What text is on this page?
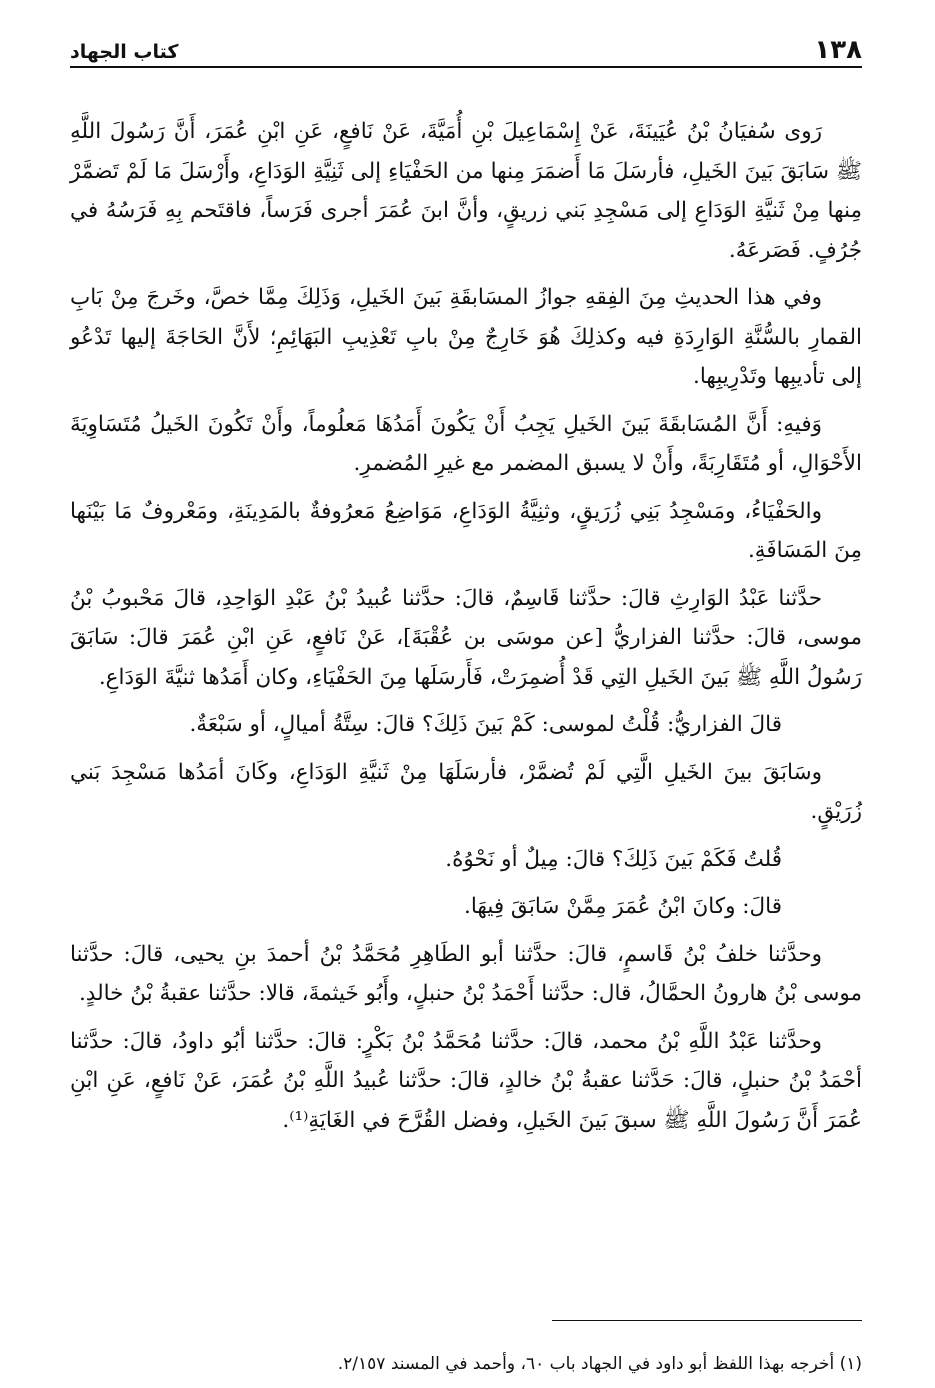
١٣٨
كتاب الجهاد

رَوى سُفيَانُ بْنُ عُيَينَةَ، عَنْ إِسْمَاعِيلَ بْنِ أُمَيَّةَ، عَنْ نَافعٍ، عَنِ ابْنِ عُمَرَ، أَنَّ رَسُولَ اللَّهِ ﷺ سَابَقَ بَينَ الخَيلِ، فأرسَلَ مَا أَضمَرَ مِنها من الحَفْيَاءِ إلى ثَنِيَّةِ الوَدَاعِ، وأَرْسَلَ مَا لَمْ تَضمَّرْ مِنها مِنْ ثَنيَّةِ الوَدَاعِ إلى مَسْجِدِ بَني زريقٍ، وأنَّ ابنَ عُمَرَ أجرى فَرَساً، فاقتَحم بِهِ فَرَسُهُ في جُرُفٍ. فَصَرعَهُ.

وفي هذا الحديثِ مِنَ الفِقهِ جوازُ المسَابقَةِ بَينَ الخَيلِ، وَذَلِكَ مِمَّا خصَّ، وخَرجَ مِنْ بَابِ القمارِ بالسُّنَّةِ الوَارِدَةِ فيه وكذلِكَ هُوَ خَارِجٌ مِنْ بابِ تَعْذِيبِ البَهَائِمِ؛ لأَنَّ الحَاجَةَ إليها تَدْعُو إلى تأديبِها وتَدْرِيبِها.

وَفيهِ: أَنَّ المُسَابقَةَ بَينَ الخَيلِ يَجِبُ أَنْ يَكُونَ أَمَدُهَا مَعلُوماً، وأَنْ تَكُونَ الخَيلُ مُتَسَاوِيَةَ الأَحْوَالِ، أو مُتَقَارِبَةً، وأَنْ لا يسبق المضمر مع غيرِ المُضمرِ.

والحَفْيَاءُ، ومَسْجِدُ بَنِي زُرَيقٍ، وثنِيَّةُ الوَدَاعِ، مَوَاضِعُ مَعرُوفةٌ بالمَدِينَةِ، ومَعْروفٌ مَا بَيْنَها مِنَ المَسَافَةِ.

حدَّثنا عَبْدُ الوَارِثِ قالَ: حدَّثنا قَاسِمٌ، قالَ: حدَّثنا عُبيدُ بْنُ عَبْدِ الوَاحِدِ، قالَ مَحْبوبُ بْنُ موسى، قالَ: حدَّثنا الفزاريُّ [عن موسَى بن عُقْبَةَ]، عَنْ نَافعٍ، عَنِ ابْنِ عُمَرَ قالَ: سَابَقَ رَسُولُ اللَّهِ ﷺ بَينَ الخَيلِ التِي قَدْ أُضمِرَتْ، فَأَرسَلَها مِنَ الحَفْيَاءِ، وكان أَمَدُها ثنيَّةَ الوَدَاعِ.

قالَ الفزاريُّ: قُلْتُ لموسى: كَمْ بَينَ ذَلِكَ؟ قالَ: سِتَّةُ أميالٍ، أو سَبْعَةٌ.

وسَابَقَ بينَ الخَيلِ الَّتِي لَمْ تُضمَّرْ، فأرسَلَهَا مِنْ ثَنيَّةِ الوَدَاعِ، وكَانَ أمَدُها مَسْجِدَ بَني زُرَيْقٍ.

قُلتُ فَكَمْ بَينَ ذَلِكَ؟ قالَ: مِيلٌ أو نَحْوُهُ.

قالَ: وكانَ ابْنُ عُمَرَ مِمَّنْ سَابَقَ فِيهَا.

وحدَّثنا خلفُ بْنُ قَاسمٍ، قالَ: حدَّثنا أبو الطَاهِرِ مُحَمَّدُ بْنُ أحمدَ بنِ يحيى، قالَ: حدَّثنا موسى بْنُ هارونُ الحمَّالُ، قال: حدَّثنا أَحْمَدُ بْنُ حنبلٍ، وأَبُو خَيثمةَ، قالا: حدَّثنا عقبةُ بْنُ خالدٍ.

وحدَّثنا عَبْدُ اللَّهِ بْنُ محمد، قالَ: حدَّثنا مُحَمَّدُ بْنُ بَكْرٍ: قالَ: حدَّثنا أبُو داودُ، قالَ: حدَّثنا أحْمَدُ بْنُ حنبلٍ، قالَ: حَدَّثنا عقبةُ بْنُ خالدٍ، قالَ: حدَّثنا عُبيدُ اللَّهِ بْنُ عُمَرَ، عَنْ نَافعٍ، عَنِ ابْنِ عُمَرَ أَنَّ رَسُولَ اللَّهِ ﷺ سبقَ بَينَ الخَيلِ، وفضل القُرَّحَ في الغَايَةِ⁽¹⁾.

(١) أخرجه بهذا اللفظ أبو داود في الجهاد باب ٦٠، وأحمد في المسند ٢/١٥٧.
